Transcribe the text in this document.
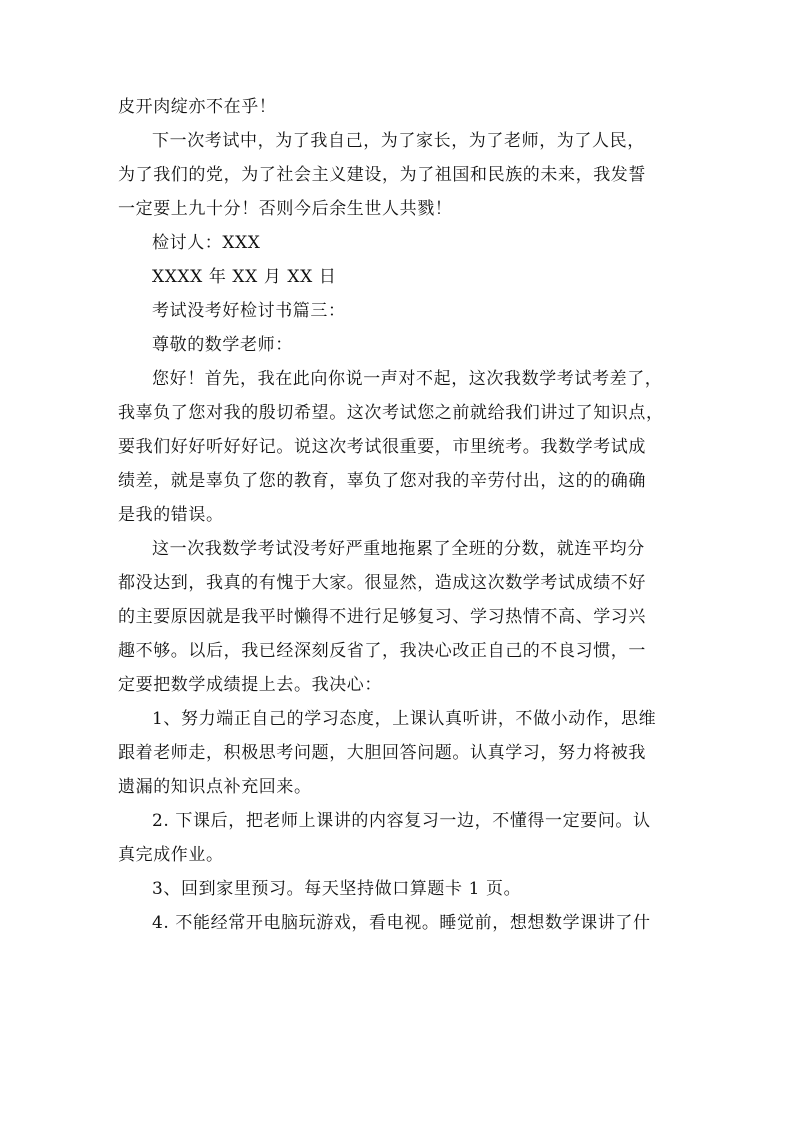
皮开肉绽亦不在乎！

下一次考试中，为了我自己，为了家长，为了老师，为了人民，
为了我们的党，为了社会主义建设，为了祖国和民族的未来，我发誓
一定要上九十分！否则今后余生世人共戮！

检讨人：XXX

XXXX 年 XX 月 XX 日

考试没考好检讨书篇三：

尊敬的数学老师：

您好！首先，我在此向你说一声对不起，这次我数学考试考差了，
我辜负了您对我的殷切希望。这次考试您之前就给我们讲过了知识点，
要我们好好听好好记。说这次考试很重要，市里统考。我数学考试成
绩差，就是辜负了您的教育，辜负了您对我的辛劳付出，这的的确确
是我的错误。

这一次我数学考试没考好严重地拖累了全班的分数，就连平均分
都没达到，我真的有愧于大家。很显然，造成这次数学考试成绩不好
的主要原因就是我平时懒得不进行足够复习、学习热情不高、学习兴
趣不够。以后，我已经深刻反省了，我决心改正自己的不良习惯，一
定要把数学成绩提上去。我决心：

1、努力端正自己的学习态度，上课认真听讲，不做小动作，思维
跟着老师走，积极思考问题，大胆回答问题。认真学习，努力将被我
遗漏的知识点补充回来。

2. 下课后，把老师上课讲的内容复习一边，不懂得一定要问。认
真完成作业。

3、回到家里预习。每天坚持做口算题卡 1 页。

4. 不能经常开电脑玩游戏，看电视。睡觉前，想想数学课讲了什
